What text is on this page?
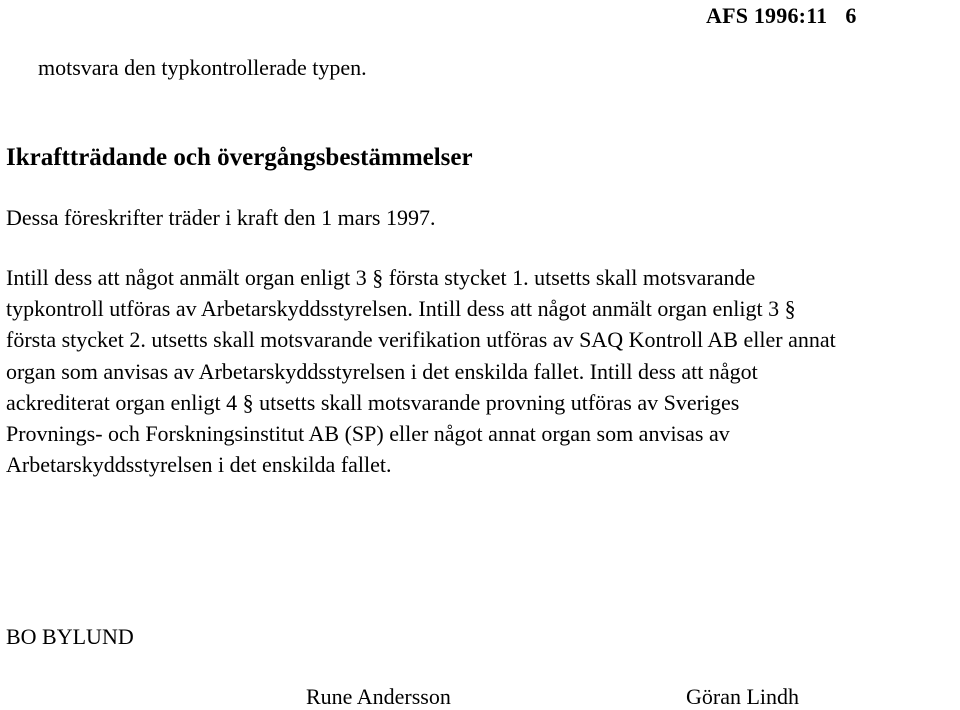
AFS 1996:11 6
motsvara den typkontrollerade typen.
Ikraftträdande och övergångsbestämmelser
Dessa föreskrifter träder i kraft den 1 mars 1997.
Intill dess att något anmält organ enligt 3 § första stycket 1. utsetts skall motsvarande
typkontroll utföras av Arbetarskyddsstyrelsen. Intill dess att något anmält organ enligt 3 §
första stycket 2. utsetts skall motsvarande verifikation utföras av SAQ Kontroll AB eller annat
organ som anvisas av Arbetarskyddsstyrelsen i det enskilda fallet. Intill dess att något
ackrediterat organ enligt 4 § utsetts skall motsvarande provning utföras av Sveriges
Provnings- och Forskningsinstitut AB (SP) eller något annat organ som anvisas av
Arbetarskyddsstyrelsen i det enskilda fallet.
BO BYLUND
Rune Andersson	Göran Lindh
